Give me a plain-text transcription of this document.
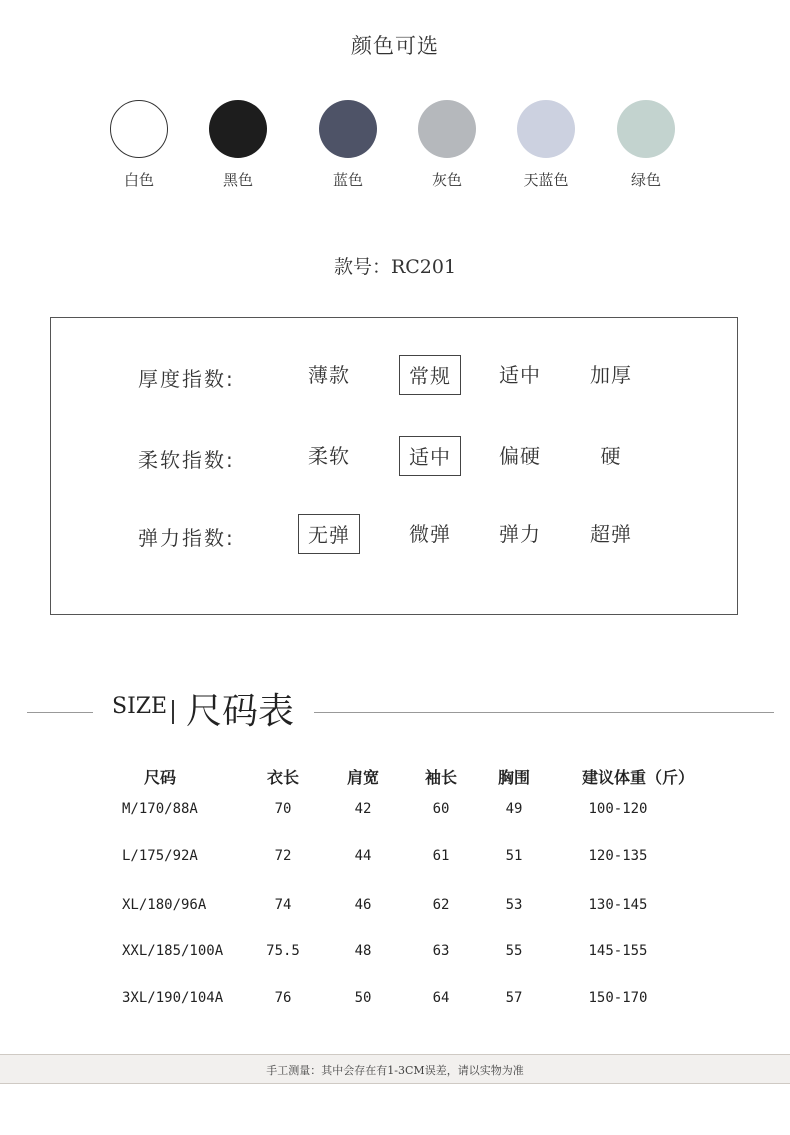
颜色可选
白色	黑色	蓝色	灰色	天蓝色	绿色
款号：RC201
厚度指数:	薄款	常规	适中	加厚
柔软指数:	柔软	适中	偏硬	硬
弹力指数:	无弹	微弹	弹力	超弹
SIZE 尺码表
尺码	衣长	肩宽	袖长	胸围	建议体重（斤）
M/170/88A	70	42	60	49	100-120
L/175/92A	72	44	61	51	120-135
XL/180/96A	74	46	62	53	130-145
XXL/185/100A	75.5	48	63	55	145-155
3XL/190/104A	76	50	64	57	150-170
手工测量：其中会存在有1-3CM误差，请以实物为准
